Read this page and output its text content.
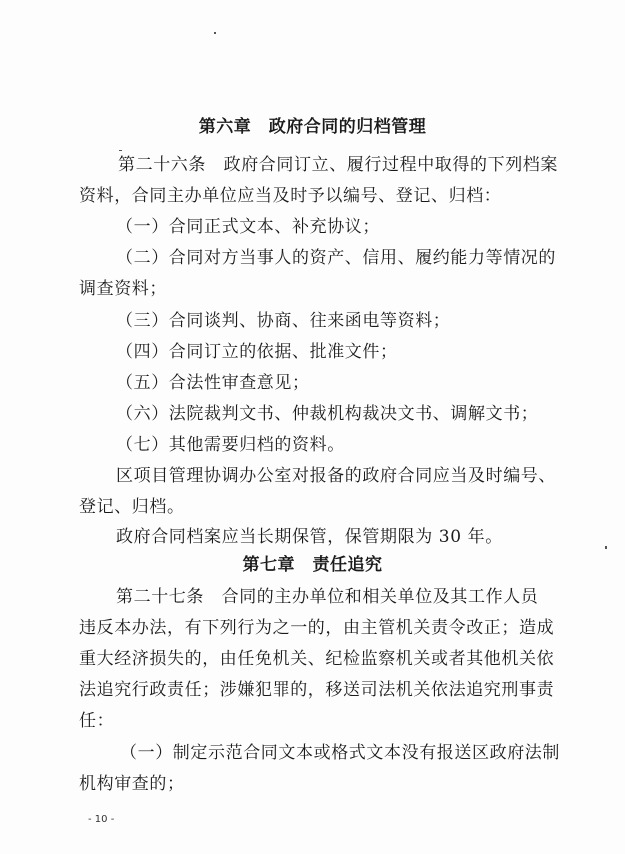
第六章　政府合同的归档管理
第二十六条　政府合同订立、履行过程中取得的下列档案
资料，合同主办单位应当及时予以编号、登记、归档：
（一）合同正式文本、补充协议；
（二）合同对方当事人的资产、信用、履约能力等情况的
调查资料；
（三）合同谈判、协商、往来函电等资料；
（四）合同订立的依据、批准文件；
（五）合法性审查意见；
（六）法院裁判文书、仲裁机构裁决文书、调解文书；
（七）其他需要归档的资料。
区项目管理协调办公室对报备的政府合同应当及时编号、
登记、归档。
政府合同档案应当长期保管，保管期限为 30 年。
第七章　责任追究
第二十七条　合同的主办单位和相关单位及其工作人员
违反本办法，有下列行为之一的，由主管机关责令改正；造成
重大经济损失的，由任免机关、纪检监察机关或者其他机关依
法追究行政责任；涉嫌犯罪的，移送司法机关依法追究刑事责
任：
（一）制定示范合同文本或格式文本没有报送区政府法制
机构审查的；
- 10 -
